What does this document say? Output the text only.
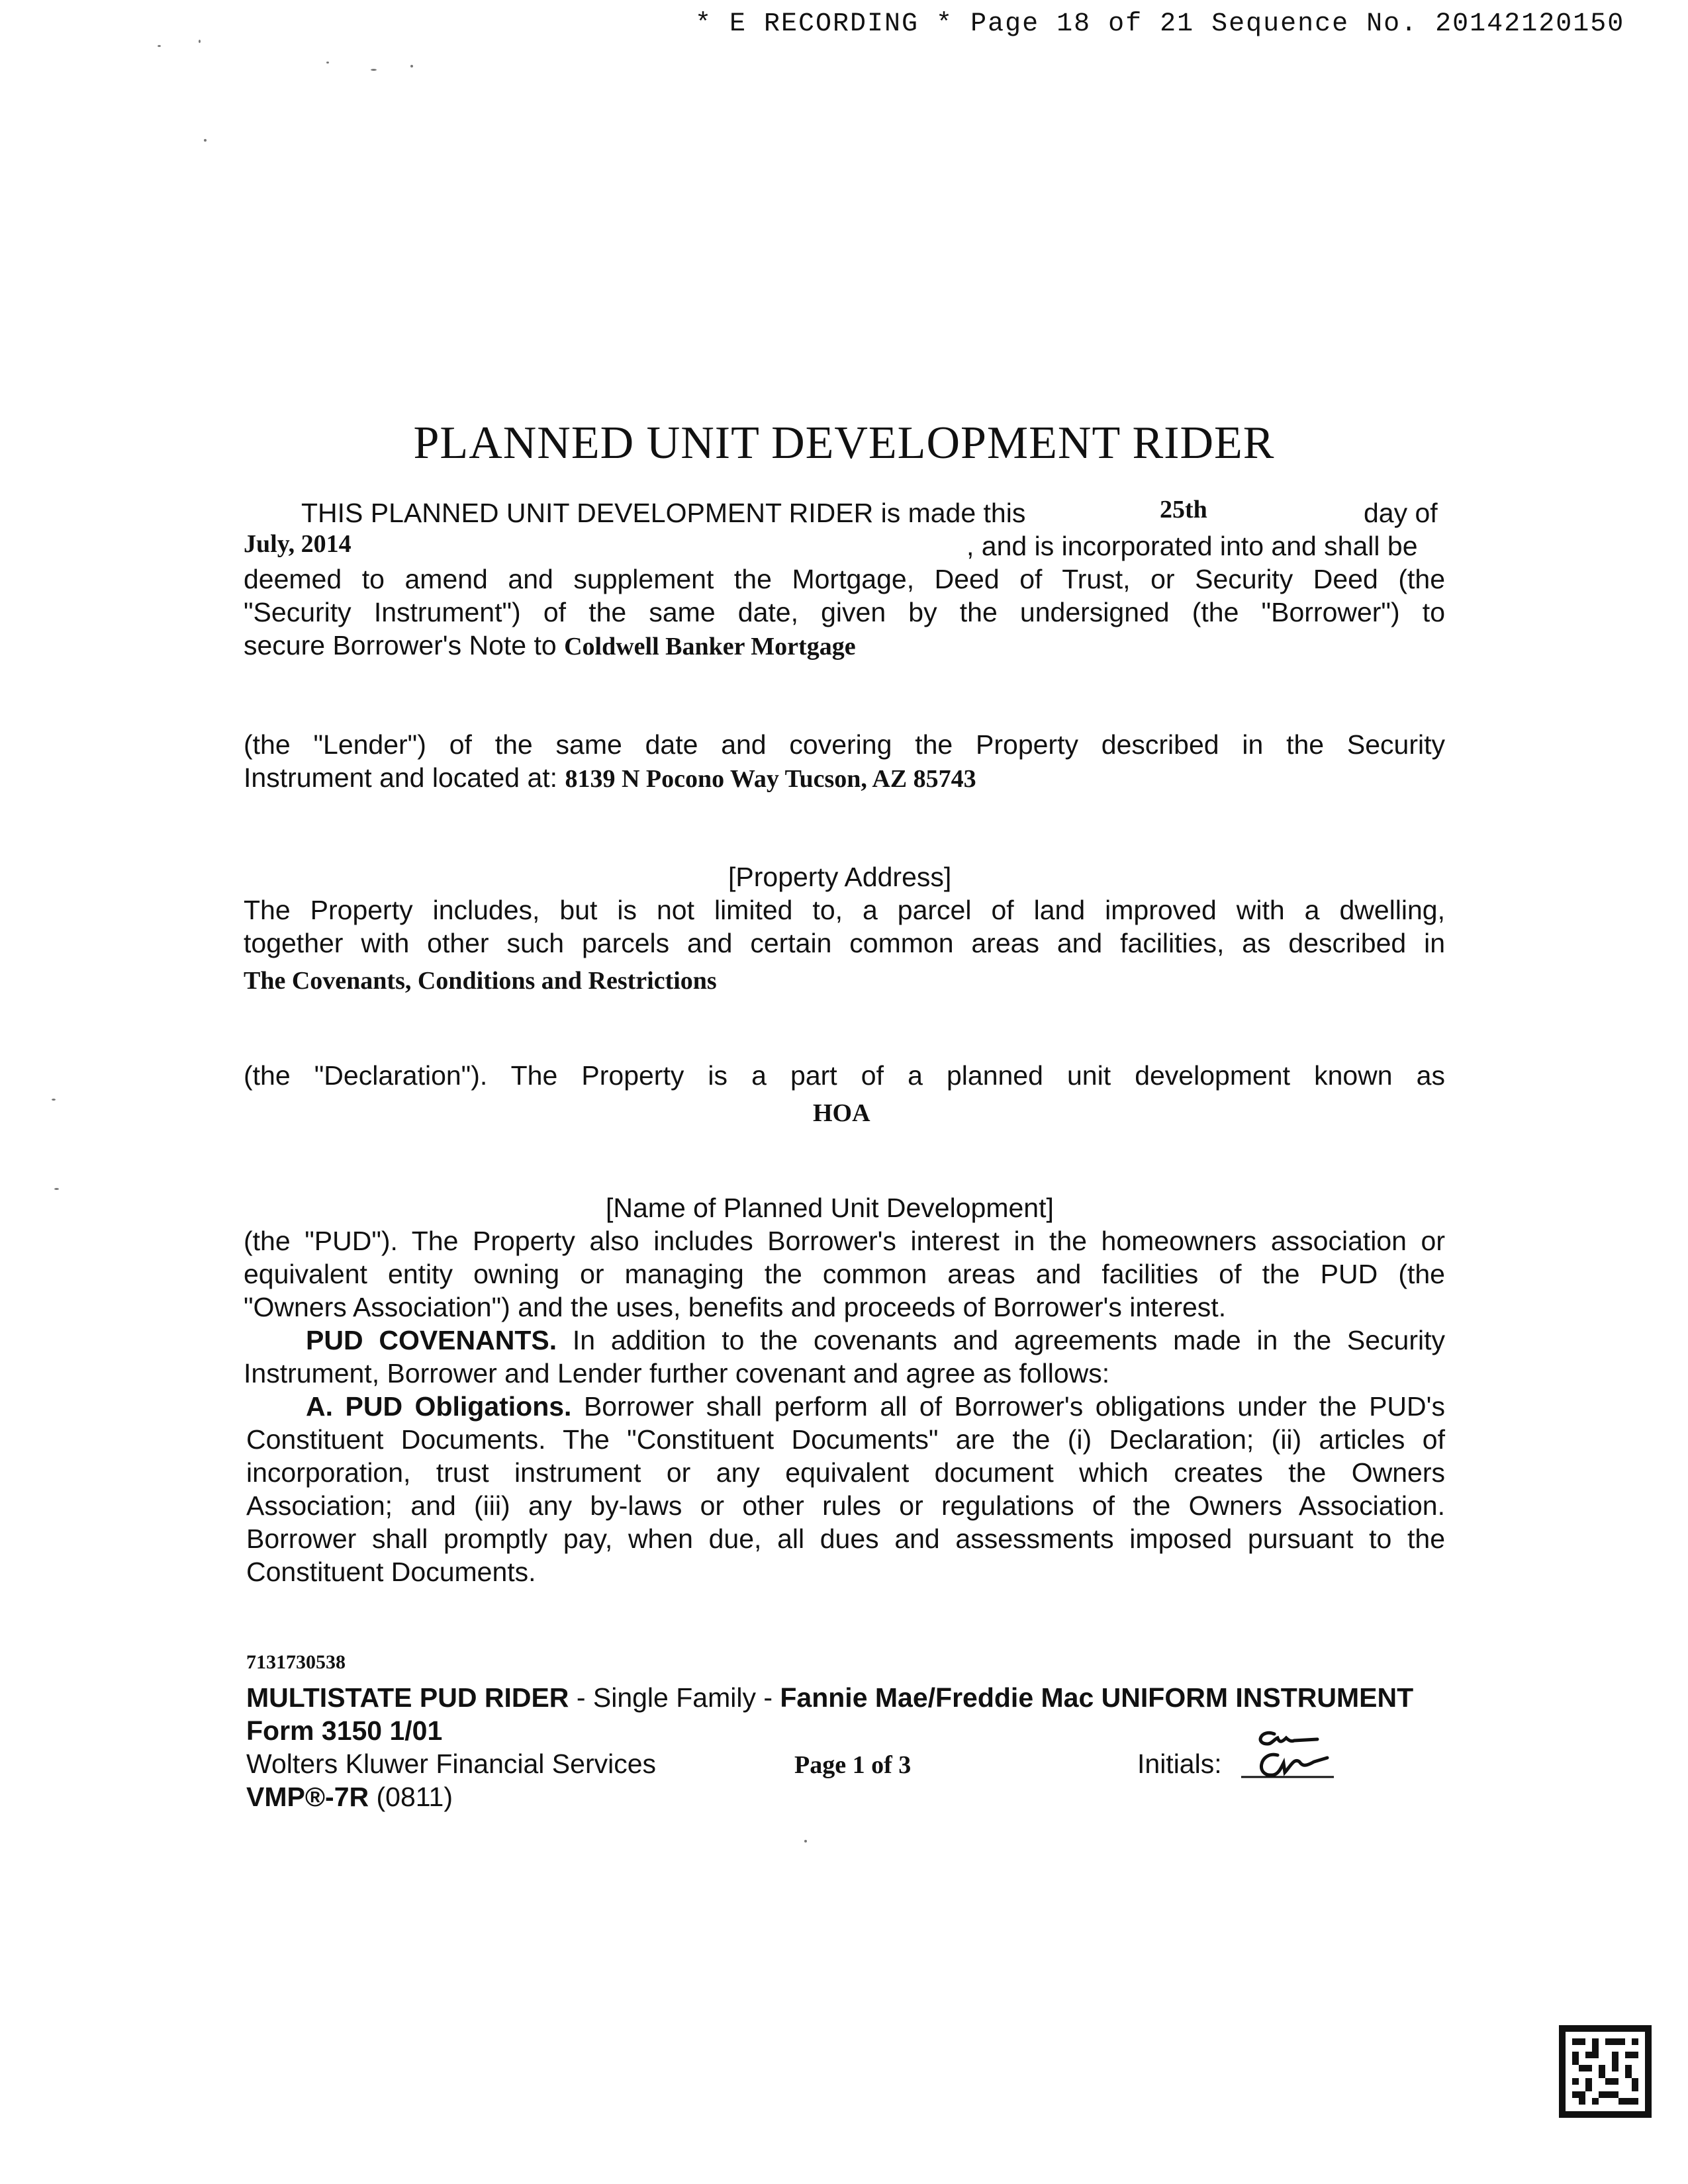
* E RECORDING * Page 18 of 21 Sequence No. 20142120150
PLANNED UNIT DEVELOPMENT RIDER
THIS PLANNED UNIT DEVELOPMENT RIDER is made this	25th	day of
July, 2014	, and is incorporated into and shall be
deemed to amend and supplement the Mortgage, Deed of Trust, or Security Deed (the
"Security Instrument") of the same date, given by the undersigned (the "Borrower") to
secure Borrower's Note to Coldwell Banker Mortgage
(the "Lender") of the same date and covering the Property described in the Security
Instrument and located at: 8139 N Pocono Way Tucson, AZ 85743
[Property Address]
The Property includes, but is not limited to, a parcel of land improved with a dwelling,
together with other such parcels and certain common areas and facilities, as described in
The Covenants, Conditions and Restrictions
(the "Declaration"). The Property is a part of a planned unit development known as
HOA
[Name of Planned Unit Development]
(the "PUD"). The Property also includes Borrower's interest in the homeowners association or
equivalent entity owning or managing the common areas and facilities of the PUD (the
"Owners Association") and the uses, benefits and proceeds of Borrower's interest.
PUD COVENANTS. In addition to the covenants and agreements made in the Security
Instrument, Borrower and Lender further covenant and agree as follows:
A. PUD Obligations. Borrower shall perform all of Borrower's obligations under the PUD's
Constituent Documents. The "Constituent Documents" are the (i) Declaration; (ii) articles of
incorporation, trust instrument or any equivalent document which creates the Owners
Association; and (iii) any by-laws or other rules or regulations of the Owners Association.
Borrower shall promptly pay, when due, all dues and assessments imposed pursuant to the
Constituent Documents.
7131730538
MULTISTATE PUD RIDER - Single Family - Fannie Mae/Freddie Mac UNIFORM INSTRUMENT
Form 3150 1/01
Wolters Kluwer Financial Services	Page 1 of 3	Initials:
VMP®-7R (0811)
